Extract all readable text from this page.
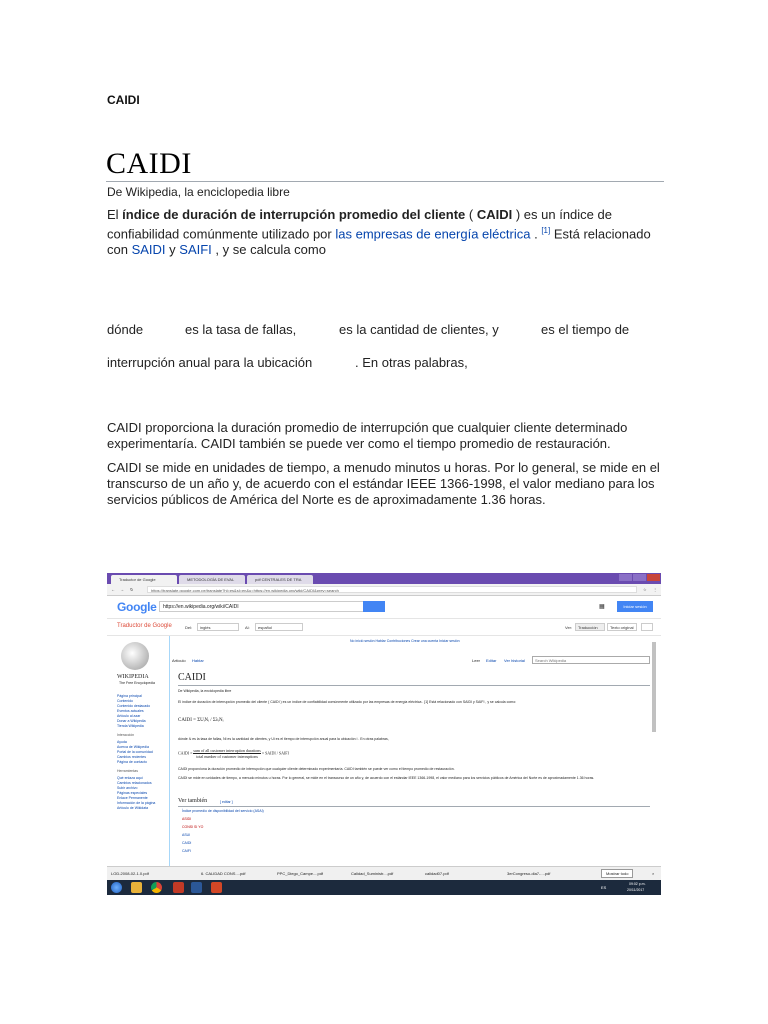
CAIDI
CAIDI
De Wikipedia, la enciclopedia libre
El índice de duración de interrupción promedio del cliente ( CAIDI ) es un índice de confiabilidad comúnmente utilizado por las empresas de energía eléctrica . [1] Está relacionado con SAIDI y SAIFI , y se calcula como
dónde	es la tasa de fallas,	es la cantidad de clientes, y	es el tiempo de
interrupción anual para la ubicación	. En otras palabras,
CAIDI proporciona la duración promedio de interrupción que cualquier cliente determinado experimentaría. CAIDI también se puede ver como el tiempo promedio de restauración.
CAIDI se mide en unidades de tiempo, a menudo minutos u horas. Por lo general, se mide en el transcurso de un año y, de acuerdo con el estándar IEEE 1366-1998, el valor mediano para los servicios públicos de América del Norte es de aproximadamente 1.36 horas.
Traductor de Google	METODOLOGÍA DE EVAL	pdf CENTRALES DE TRA
← → ↻	https://translate.google.com.pe/translate?hl=es&sl=en&u=https://en.wikipedia.org/wiki/CAIDI&prev=search	☆ ⋮
Google	https://en.wikipedia.org/wiki/CAIDI	▦	Iniciar sesión
Traductor de Google	Del:	inglés	Al:	español	Ver:	Traducción	Texto original
WIKIPEDIA
The Free Encyclopedia
Página principal
Contenido
Contenido destacado
Eventos actuales
Artículo al azar
Donar a Wikipedia
Tienda Wikipedia
Interacción
Ayuda
Acerca de Wikipedia
Portal de la comunidad
Cambios recientes
Página de contacto
Herramientas
Qué enlaza aquí
Cambios relacionados
Subir archivo
Páginas especiales
Enlace Permanente
Información de la página
Artículo de Wikidata
No inició sesión Hablar Contribuciones Crear una cuenta Iniciar sesión
Artículo Hablar	Leer Editar Ver historial	Search Wikipedia
CAIDI
De Wikipedia, la enciclopedia libre
El índice de duración de interrupción promedio del cliente ( CAIDI ) es un índice de confiabilidad comúnmente utilizado por las empresas de energía eléctrica . [1] Está relacionado con SAIDI y SAIFI , y se calcula como:
CAIDI = ΣUᵢNᵢ / ΣλᵢNᵢ
dónde λi es la tasa de fallas, Ni es la cantidad de clientes, y Ui es el tiempo de interrupción anual para la ubicación i . En otras palabras,
CAIDI = sum of all customer interruption durations
total number of customer interruptions
= SAIDI / SAIFI
CAIDI proporciona la duración promedio de interrupción que cualquier cliente determinado experimentaría. CAIDI también se puede ver como el tiempo promedio de restauración.
CAIDI se mide en unidades de tiempo, a menudo minutos u horas. Por lo general, se mide en el transcurso de un año y, de acuerdo con el estándar IEEE 1366-1998, el valor mediano para los servicios públicos de América del Norte es de aproximadamente 1.36 horas.
Ver también	[ editar ]
Índice promedio de disponibilidad del servicio (ASAI)
ASIDI
CONSI SI YO
ASUI
CAIDI
CAIFI
LOD-2008-02-1.0.pdf	6. CALIDAD CONS....pdf	PPC_Diego_Campe....pdf	Calidad_Suministr....pdf	calidad07.pdf	3erCongreso-dia7-....pdf	Mostrar todo	×
ES
09:02 p.m.
20/11/2017
